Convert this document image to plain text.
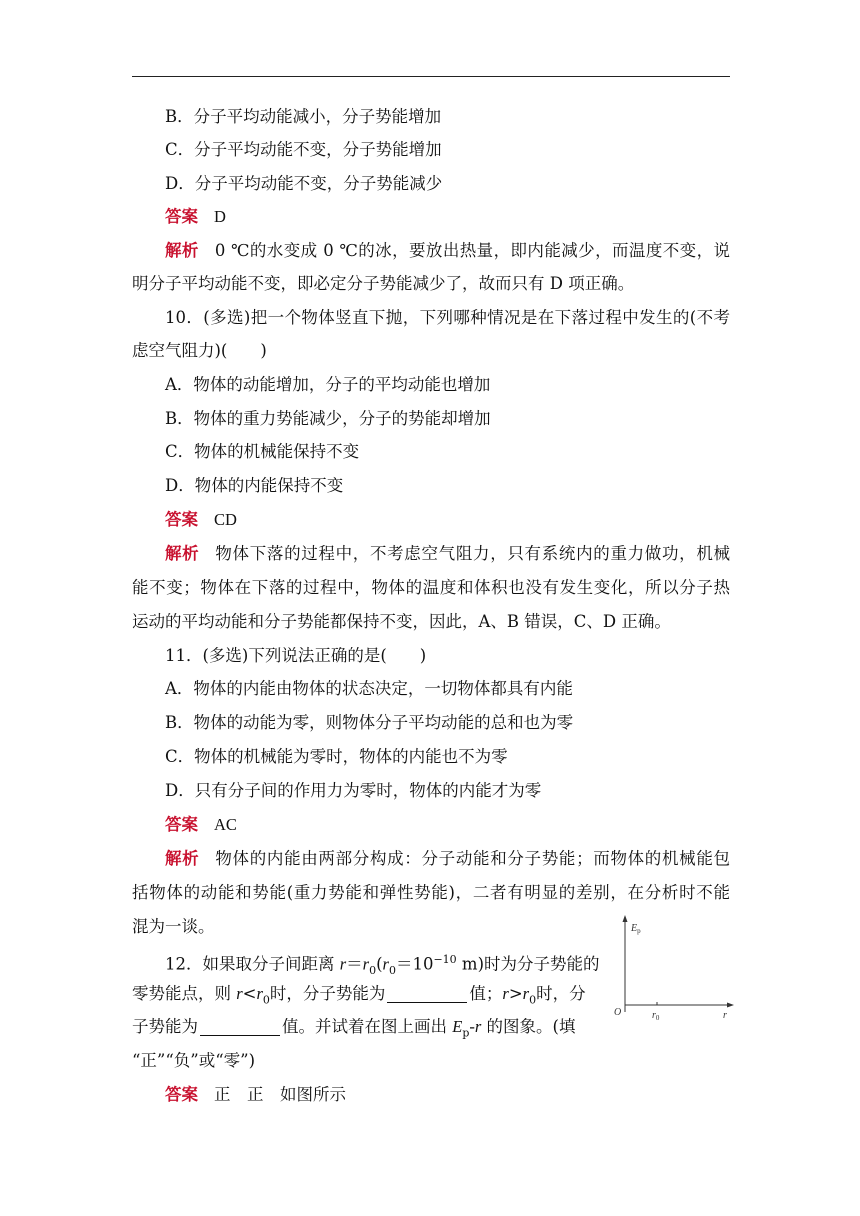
B．分子平均动能减小，分子势能增加
C．分子平均动能不变，分子势能增加
D．分子平均动能不变，分子势能减少
答案 D
解析 0 ℃的水变成 0 ℃的冰，要放出热量，即内能减少，而温度不变，说
明分子平均动能不变，即必定分子势能减少了，故而只有 D 项正确。
10．(多选)把一个物体竖直下抛，下列哪种情况是在下落过程中发生的(不考
虑空气阻力)(　　)
A．物体的动能增加，分子的平均动能也增加
B．物体的重力势能减少，分子的势能却增加
C．物体的机械能保持不变
D．物体的内能保持不变
答案 CD
解析 物体下落的过程中，不考虑空气阻力，只有系统内的重力做功，机械
能不变；物体在下落的过程中，物体的温度和体积也没有发生变化，所以分子热
运动的平均动能和分子势能都保持不变，因此，A、B 错误，C、D 正确。
11．(多选)下列说法正确的是(　　)
A．物体的内能由物体的状态决定，一切物体都具有内能
B．物体的动能为零，则物体分子平均动能的总和也为零
C．物体的机械能为零时，物体的内能也不为零
D．只有分子间的作用力为零时，物体的内能才为零
答案 AC
解析 物体的内能由两部分构成：分子动能和分子势能；而物体的机械能包
括物体的动能和势能(重力势能和弹性势能)，二者有明显的差别，在分析时不能
混为一谈。
12．如果取分子间距离 $r=r_0(r_0=10^{-10}$ m)时为分子势能的
零势能点，则 $r<r_0$时，分子势能为	值；$r>r_0$时，分
子势能为	值。并试着在图上画出 $E_p-r$ 的图象。(填
“正”“负”或“零”)
答案 正　正　如图所示
$E_p$
O	$r_0$	r
